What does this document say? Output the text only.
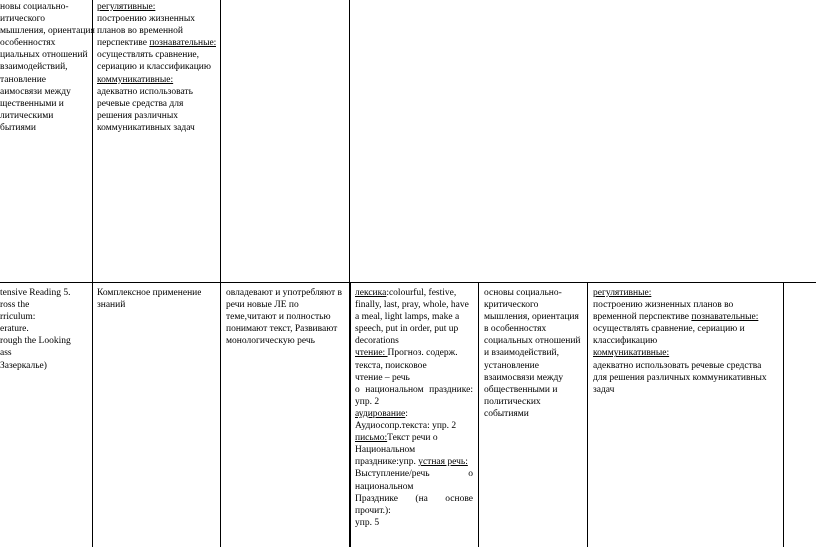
новы социально-
итического
мышления, ориентация
особенностях
циальных отношений
взаимодействий,
тановление
аимосвязи между
щественными и
литическими
бытиями
регулятивные:
построению жизненных
планов во временной
перспективе познавательные:
осуществлять сравнение,
сериацию и классификацию
коммуникативные:
адекватно использовать
речевые средства для
решения различных
коммуникативных задач
tensive Reading 5.
ross the
rriculum:
erature.
rough the Looking
ass
Зазеркалье)
Комплексное применение
знаний
овладевают и употребляют в
речи новые ЛЕ по
теме,читают и полностью
понимают текст, Развивают
монологическую речь
лексика:colourful, festive,
finally, last, pray, whole, have
a meal, light lamps, make a
speech, put in order, put up
decorations
чтение: Прогноз. содерж.
текста, поисковое
чтение – речь
о национальном празднике:
упр. 2
аудирование:
Аудиосопр.текста: упр. 2
письмо:Текст речи о
Национальном
празднике:упр. устная речь:
Выступление/речь	о
национальном
Празднике (на основе
прочит.):
упр. 5
основы социально-
критического
мышления, ориентация
в особенностях
социальных отношений
и взаимодействий,
установление
взаимосвязи между
общественными и
политических
событиями
регулятивные:
построению жизненных планов во
временной перспективе познавательные:
осуществлять сравнение, сериацию и
классификацию
коммуникативные:
адекватно использовать речевые средства
для решения различных коммуникативных
задач
